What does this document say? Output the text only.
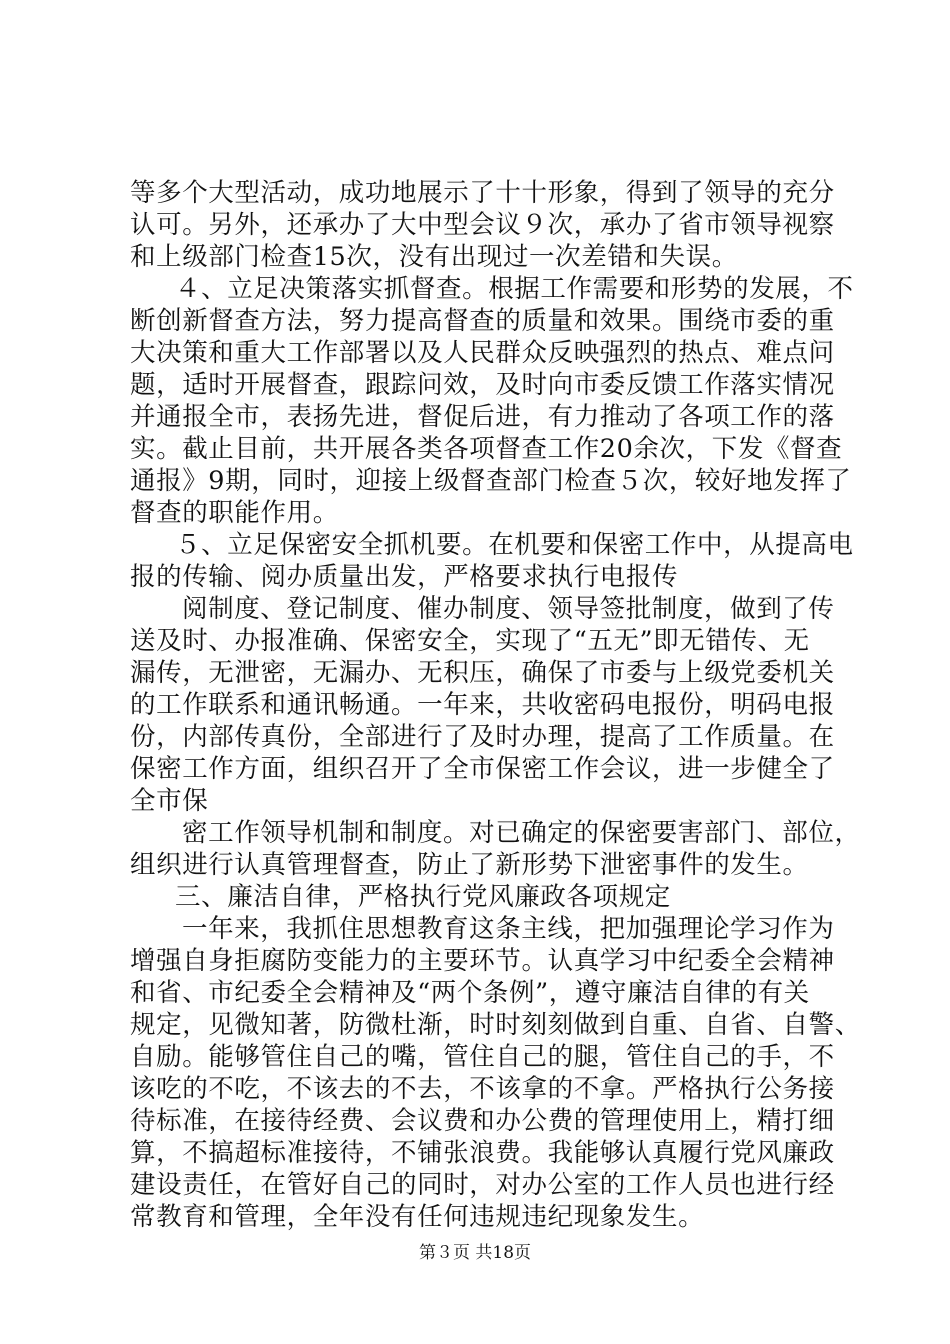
等多个大型活动，成功地展示了十十形象，得到了领导的充分
认可。另外，还承办了大中型会议９次，承办了省市领导视察
和上级部门检查15次，没有出现过一次差错和失误。
４、立足决策落实抓督查。根据工作需要和形势的发展，不
断创新督查方法，努力提高督查的质量和效果。围绕市委的重
大决策和重大工作部署以及人民群众反映强烈的热点、难点问
题，适时开展督查，跟踪问效，及时向市委反馈工作落实情况
并通报全市，表扬先进，督促后进，有力推动了各项工作的落
实。截止目前，共开展各类各项督查工作20余次，下发《督查
通报》9期，同时，迎接上级督查部门检查５次，较好地发挥了
督查的职能作用。
５、立足保密安全抓机要。在机要和保密工作中，从提高电
报的传输、阅办质量出发，严格要求执行电报传
阅制度、登记制度、催办制度、领导签批制度，做到了传
送及时、办报准确、保密安全，实现了“五无”即无错传、无
漏传，无泄密，无漏办、无积压，确保了市委与上级党委机关
的工作联系和通讯畅通。一年来，共收密码电报份，明码电报
份，内部传真份，全部进行了及时办理，提高了工作质量。在
保密工作方面，组织召开了全市保密工作会议，进一步健全了
全市保
密工作领导机制和制度。对已确定的保密要害部门、部位，
组织进行认真管理督查，防止了新形势下泄密事件的发生。
三、廉洁自律，严格执行党风廉政各项规定
一年来，我抓住思想教育这条主线，把加强理论学习作为
增强自身拒腐防变能力的主要环节。认真学习中纪委全会精神
和省、市纪委全会精神及“两个条例”，遵守廉洁自律的有关
规定，见微知著，防微杜渐，时时刻刻做到自重、自省、自警、
自励。能够管住自己的嘴，管住自己的腿，管住自己的手，不
该吃的不吃，不该去的不去，不该拿的不拿。严格执行公务接
待标准，在接待经费、会议费和办公费的管理使用上，精打细
算，不搞超标准接待，不铺张浪费。我能够认真履行党风廉政
建设责任，在管好自己的同时，对办公室的工作人员也进行经
常教育和管理，全年没有任何违规违纪现象发生。
第３页 共18页
